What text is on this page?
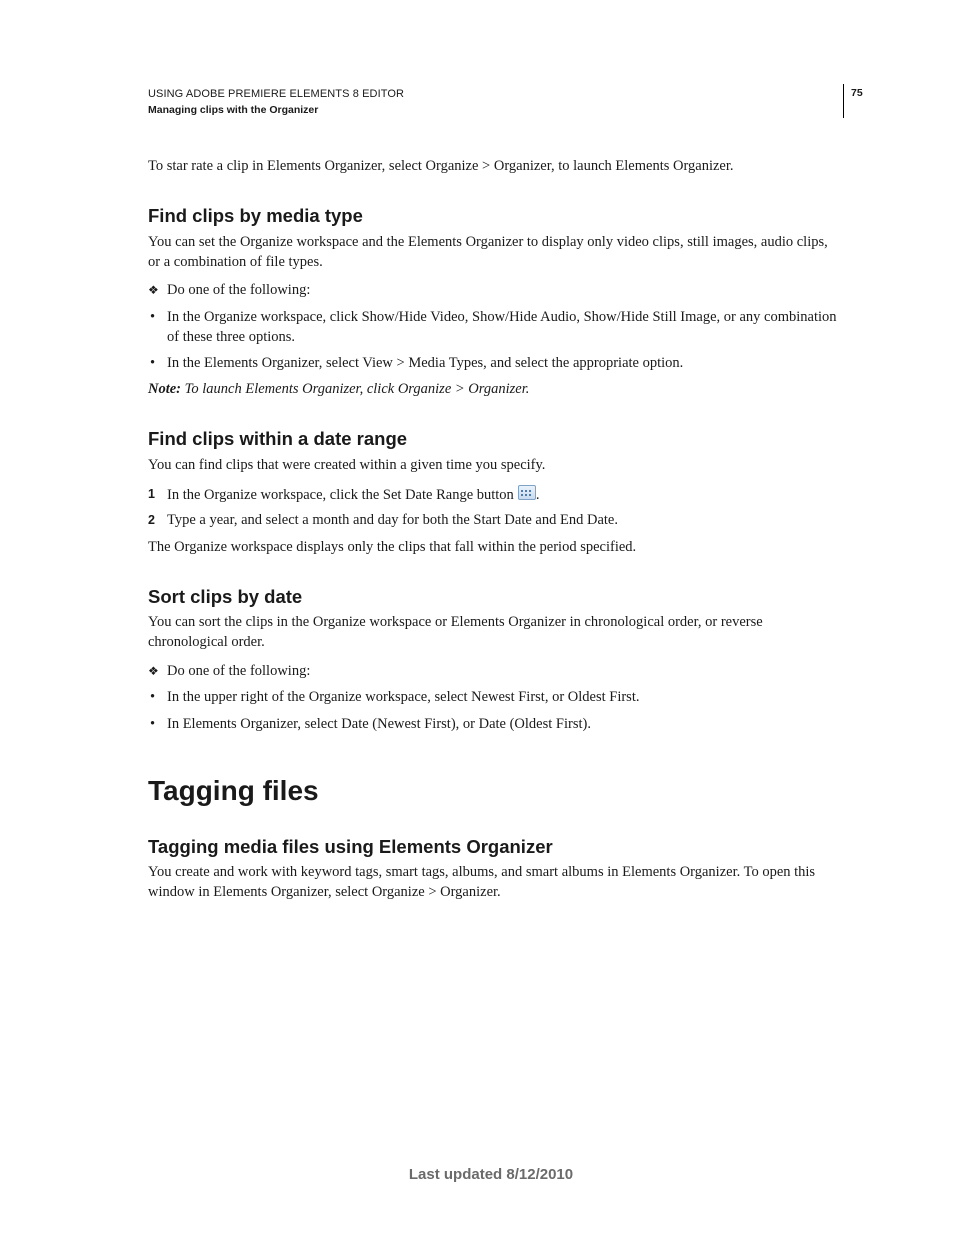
USING ADOBE PREMIERE ELEMENTS 8 EDITOR
Managing clips with the Organizer
75
To star rate a clip in Elements Organizer, select Organize > Organizer, to launch Elements Organizer.
Find clips by media type
You can set the Organize workspace and the Elements Organizer to display only video clips, still images, audio clips, or a combination of file types.
❖ Do one of the following:
• In the Organize workspace, click Show/Hide Video, Show/Hide Audio, Show/Hide Still Image, or any combination of these three options.
• In the Elements Organizer, select View > Media Types, and select the appropriate option.
Note: To launch Elements Organizer, click Organize > Organizer.
Find clips within a date range
You can find clips that were created within a given time you specify.
1 In the Organize workspace, click the Set Date Range button .
2 Type a year, and select a month and day for both the Start Date and End Date.
The Organize workspace displays only the clips that fall within the period specified.
Sort clips by date
You can sort the clips in the Organize workspace or Elements Organizer in chronological order, or reverse chronological order.
❖ Do one of the following:
• In the upper right of the Organize workspace, select Newest First, or Oldest First.
• In Elements Organizer, select Date (Newest First), or Date (Oldest First).
Tagging files
Tagging media files using Elements Organizer
You create and work with keyword tags, smart tags, albums, and smart albums in Elements Organizer. To open this window in Elements Organizer, select Organize > Organizer.
Last updated 8/12/2010
